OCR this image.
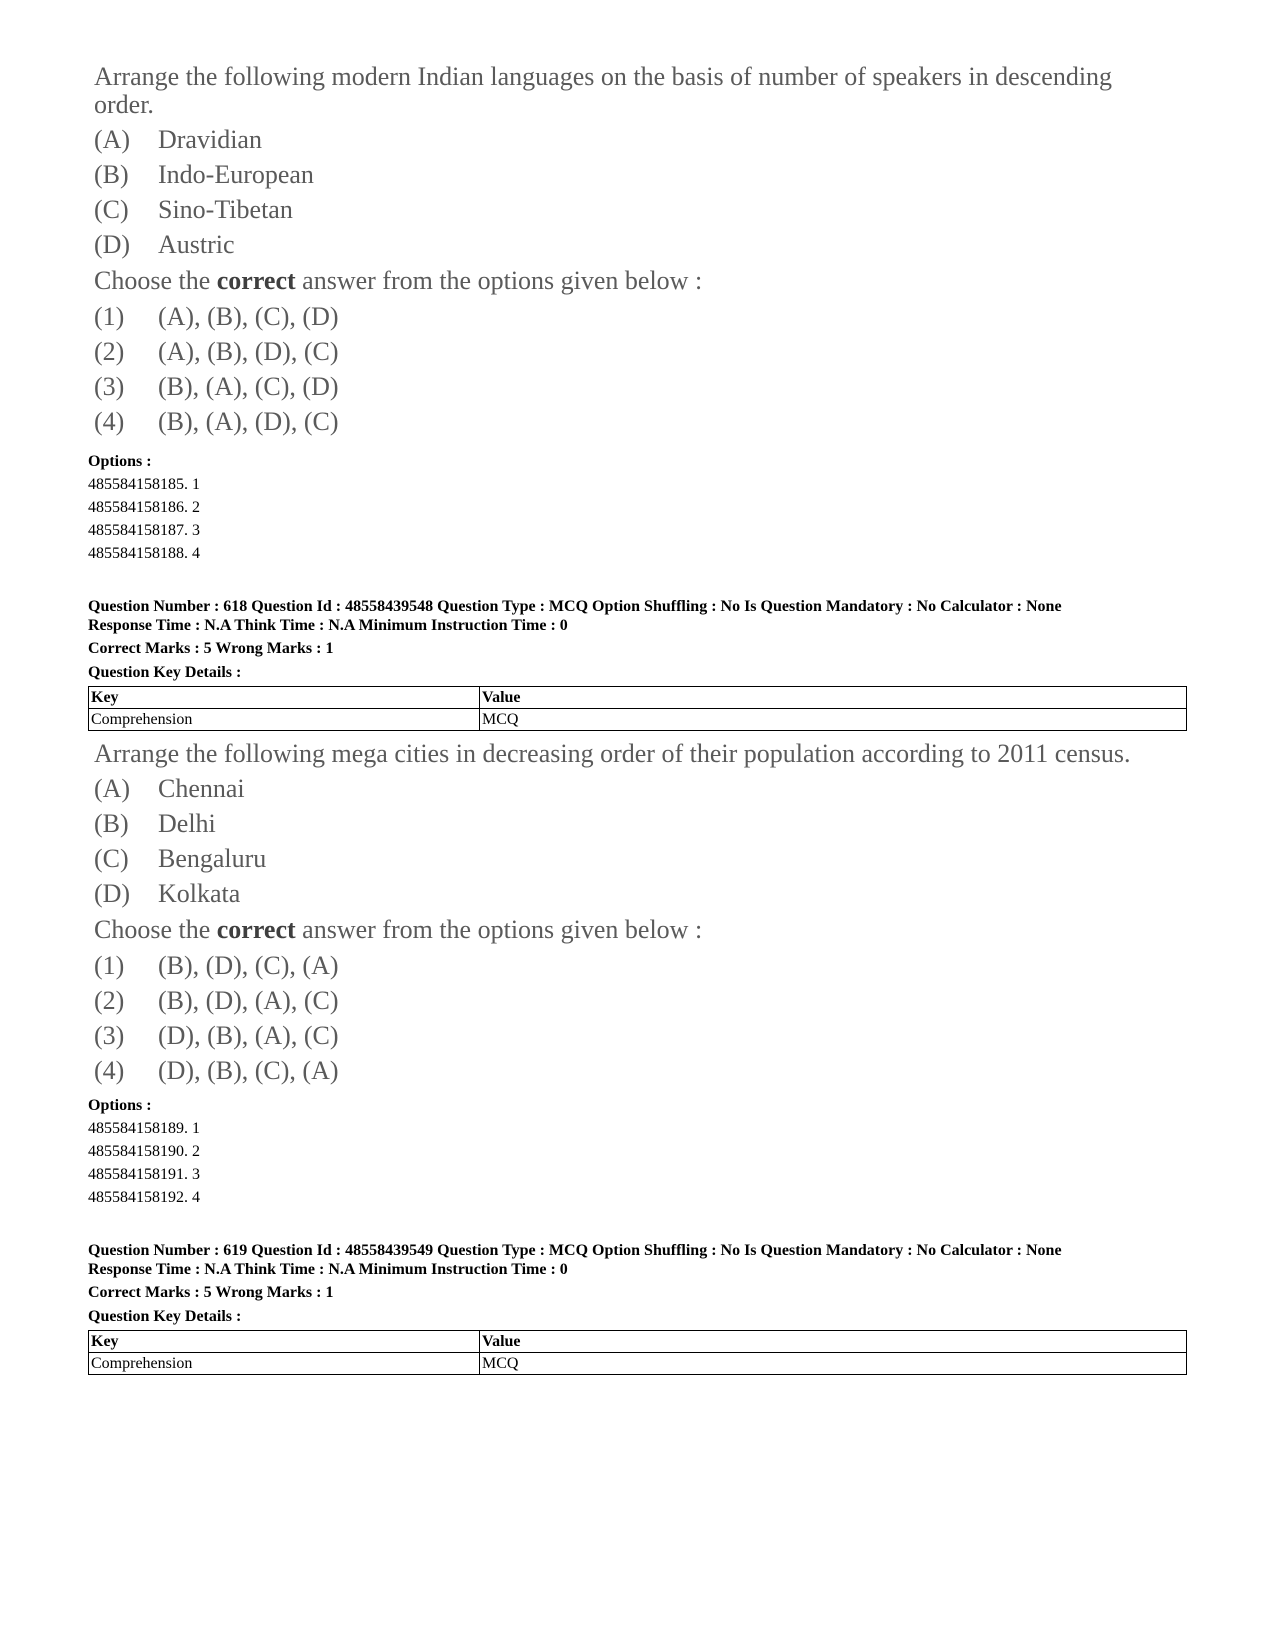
Arrange the following modern Indian languages on the basis of number of speakers in descending
order.
(A) Dravidian
(B) Indo-European
(C) Sino-Tibetan
(D) Austric
Choose the correct answer from the options given below :
(1) (A), (B), (C), (D)
(2) (A), (B), (D), (C)
(3) (B), (A), (C), (D)
(4) (B), (A), (D), (C)
Options :
485584158185. 1
485584158186. 2
485584158187. 3
485584158188. 4
Question Number : 618 Question Id : 48558439548 Question Type : MCQ Option Shuffling : No Is Question Mandatory : No Calculator : None
Response Time : N.A Think Time : N.A Minimum Instruction Time : 0
Correct Marks : 5 Wrong Marks : 1
Question Key Details :
Key	Value
Comprehension	MCQ
Arrange the following mega cities in decreasing order of their population according to 2011 census.
(A) Chennai
(B) Delhi
(C) Bengaluru
(D) Kolkata
Choose the correct answer from the options given below :
(1) (B), (D), (C), (A)
(2) (B), (D), (A), (C)
(3) (D), (B), (A), (C)
(4) (D), (B), (C), (A)
Options :
485584158189. 1
485584158190. 2
485584158191. 3
485584158192. 4
Question Number : 619 Question Id : 48558439549 Question Type : MCQ Option Shuffling : No Is Question Mandatory : No Calculator : None
Response Time : N.A Think Time : N.A Minimum Instruction Time : 0
Correct Marks : 5 Wrong Marks : 1
Question Key Details :
Key	Value
Comprehension	MCQ
